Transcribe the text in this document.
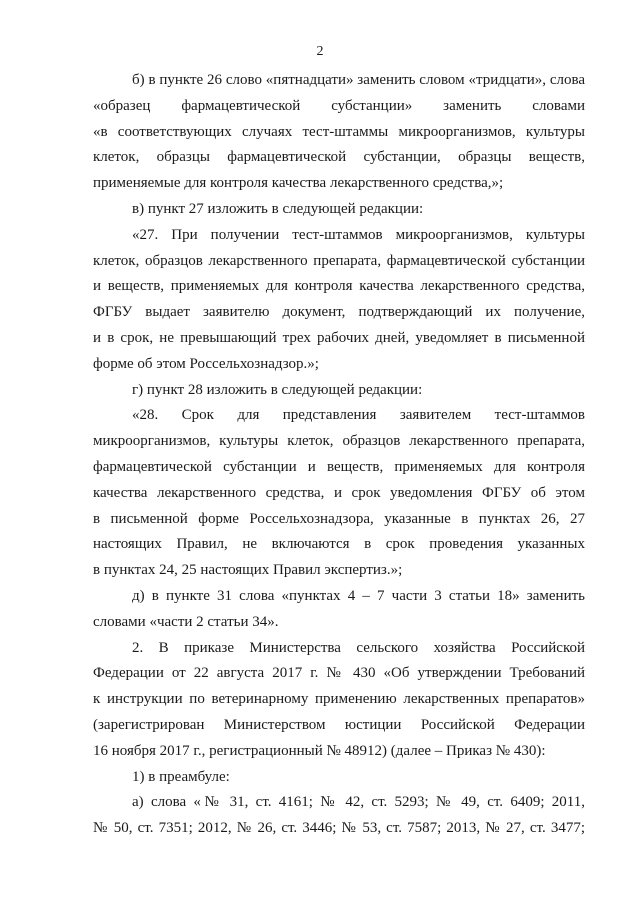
2
б) в пункте 26 слово «пятнадцати» заменить словом «тридцати», слова
«образец фармацевтической субстанции» заменить словами
«в соответствующих случаях тест-штаммы микроорганизмов, культуры
клеток, образцы фармацевтической субстанции, образцы веществ,
применяемые для контроля качества лекарственного средства,»;
в) пункт 27 изложить в следующей редакции:
«27. При получении тест-штаммов микроорганизмов, культуры
клеток, образцов лекарственного препарата, фармацевтической субстанции
и веществ, применяемых для контроля качества лекарственного средства,
ФГБУ выдает заявителю документ, подтверждающий их получение,
и в срок, не превышающий трех рабочих дней, уведомляет в письменной
форме об этом Россельхознадзор.»;
г) пункт 28 изложить в следующей редакции:
«28. Срок для представления заявителем тест-штаммов
микроорганизмов, культуры клеток, образцов лекарственного препарата,
фармацевтической субстанции и веществ, применяемых для контроля
качества лекарственного средства, и срок уведомления ФГБУ об этом
в письменной форме Россельхознадзора, указанные в пунктах 26, 27
настоящих Правил, не включаются в срок проведения указанных
в пунктах 24, 25 настоящих Правил экспертиз.»;
д) в пункте 31 слова «пунктах 4 – 7 части 3 статьи 18» заменить
словами «части 2 статьи 34».
2. В приказе Министерства сельского хозяйства Российской
Федерации от 22 августа 2017 г. № 430 «Об утверждении Требований
к инструкции по ветеринарному применению лекарственных препаратов»
(зарегистрирован Министерством юстиции Российской Федерации
16 ноября 2017 г., регистрационный № 48912) (далее – Приказ № 430):
1) в преамбуле:
а) слова «№ 31, ст. 4161; № 42, ст. 5293; № 49, ст. 6409; 2011,
№ 50, ст. 7351; 2012, № 26, ст. 3446; № 53, ст. 7587; 2013, № 27, ст. 3477;
